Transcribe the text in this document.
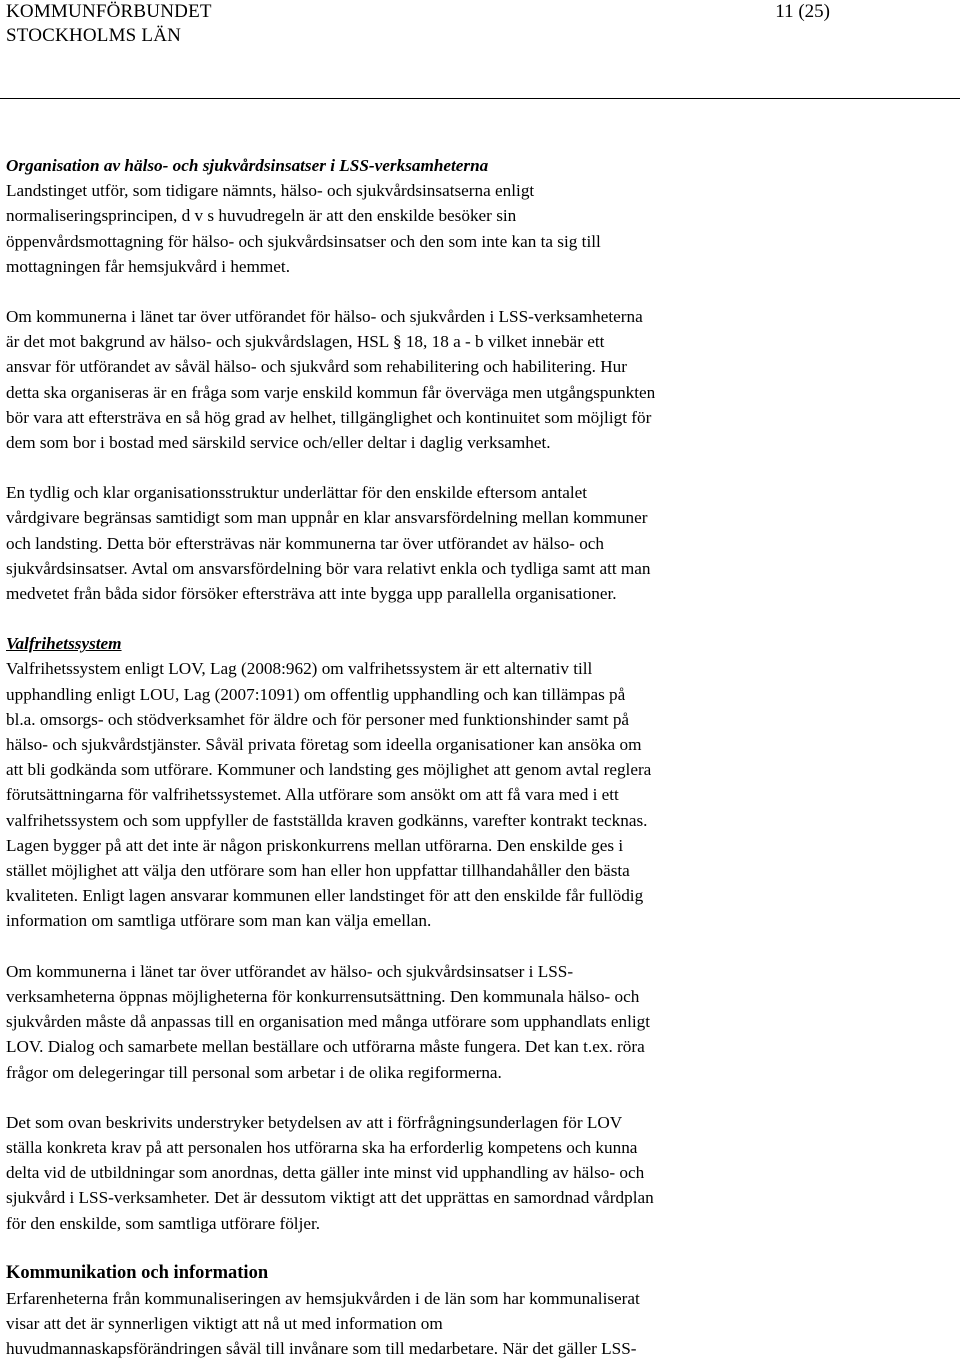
KOMMUNFÖRBUNDET
STOCKHOLMS LÄN
11 (25)

Organisation av hälso- och sjukvårdsinsatser i LSS-verksamheterna

Landstinget utför, som tidigare nämnts, hälso- och sjukvårdsinsatserna enligt
normaliseringsprincipen, d v s huvudregeln är att den enskilde besöker sin
öppenvårdsmottagning för hälso- och sjukvårdsinsatser och den som inte kan ta sig till
mottagningen får hemsjukvård i hemmet.

Om kommunerna i länet tar över utförandet för hälso- och sjukvården i LSS-verksamheterna
är det mot bakgrund av hälso- och sjukvårdslagen, HSL § 18, 18 a - b vilket innebär ett
ansvar för utförandet av såväl hälso- och sjukvård som rehabilitering och habilitering. Hur
detta ska organiseras är en fråga som varje enskild kommun får överväga men utgångspunkten
bör vara att eftersträva en så hög grad av helhet, tillgänglighet och kontinuitet som möjligt för
dem som bor i bostad med särskild service och/eller deltar i daglig verksamhet.

En tydlig och klar organisationsstruktur underlättar för den enskilde eftersom antalet
vårdgivare begränsas samtidigt som man uppnår en klar ansvarsfördelning mellan kommuner
och landsting. Detta bör eftersträvas när kommunerna tar över utförandet av hälso- och
sjukvårdsinsatser. Avtal om ansvarsfördelning bör vara relativt enkla och tydliga samt att man
medvetet från båda sidor försöker eftersträva att inte bygga upp parallella organisationer.

Valfrihetssystem

Valfrihetssystem enligt LOV, Lag (2008:962) om valfrihetssystem är ett alternativ till
upphandling enligt LOU, Lag (2007:1091) om offentlig upphandling och kan tillämpas på
bl.a. omsorgs- och stödverksamhet för äldre och för personer med funktionshinder samt på
hälso- och sjukvårdstjänster. Såväl privata företag som ideella organisationer kan ansöka om
att bli godkända som utförare. Kommuner och landsting ges möjlighet att genom avtal reglera
förutsättningarna för valfrihetssystemet. Alla utförare som ansökt om att få vara med i ett
valfrihetssystem och som uppfyller de fastställda kraven godkänns, varefter kontrakt tecknas.
Lagen bygger på att det inte är någon priskonkurrens mellan utförarna. Den enskilde ges i
stället möjlighet att välja den utförare som han eller hon uppfattar tillhandahåller den bästa
kvaliteten. Enligt lagen ansvarar kommunen eller landstinget för att den enskilde får fullödig
information om samtliga utförare som man kan välja emellan.

Om kommunerna i länet tar över utförandet av hälso- och sjukvårdsinsatser i LSS-
verksamheterna öppnas möjligheterna för konkurrensutsättning. Den kommunala hälso- och
sjukvården måste då anpassas till en organisation med många utförare som upphandlats enligt
LOV. Dialog och samarbete mellan beställare och utförarna måste fungera. Det kan t.ex. röra
frågor om delegeringar till personal som arbetar i de olika regiformerna.

Det som ovan beskrivits understryker betydelsen av att i förfrågningsunderlagen för LOV
ställa konkreta krav på att personalen hos utförarna ska ha erforderlig kompetens och kunna
delta vid de utbildningar som anordnas, detta gäller inte minst vid upphandling av hälso- och
sjukvård i LSS-verksamheter. Det är dessutom viktigt att det upprättas en samordnad vårdplan
för den enskilde, som samtliga utförare följer.

Kommunikation och information

Erfarenheterna från kommunaliseringen av hemsjukvården i de län som har kommunaliserat
visar att det är synnerligen viktigt att nå ut med information om
huvudmannaskapsförändringen såväl till invånare som till medarbetare. När det gäller LSS-
